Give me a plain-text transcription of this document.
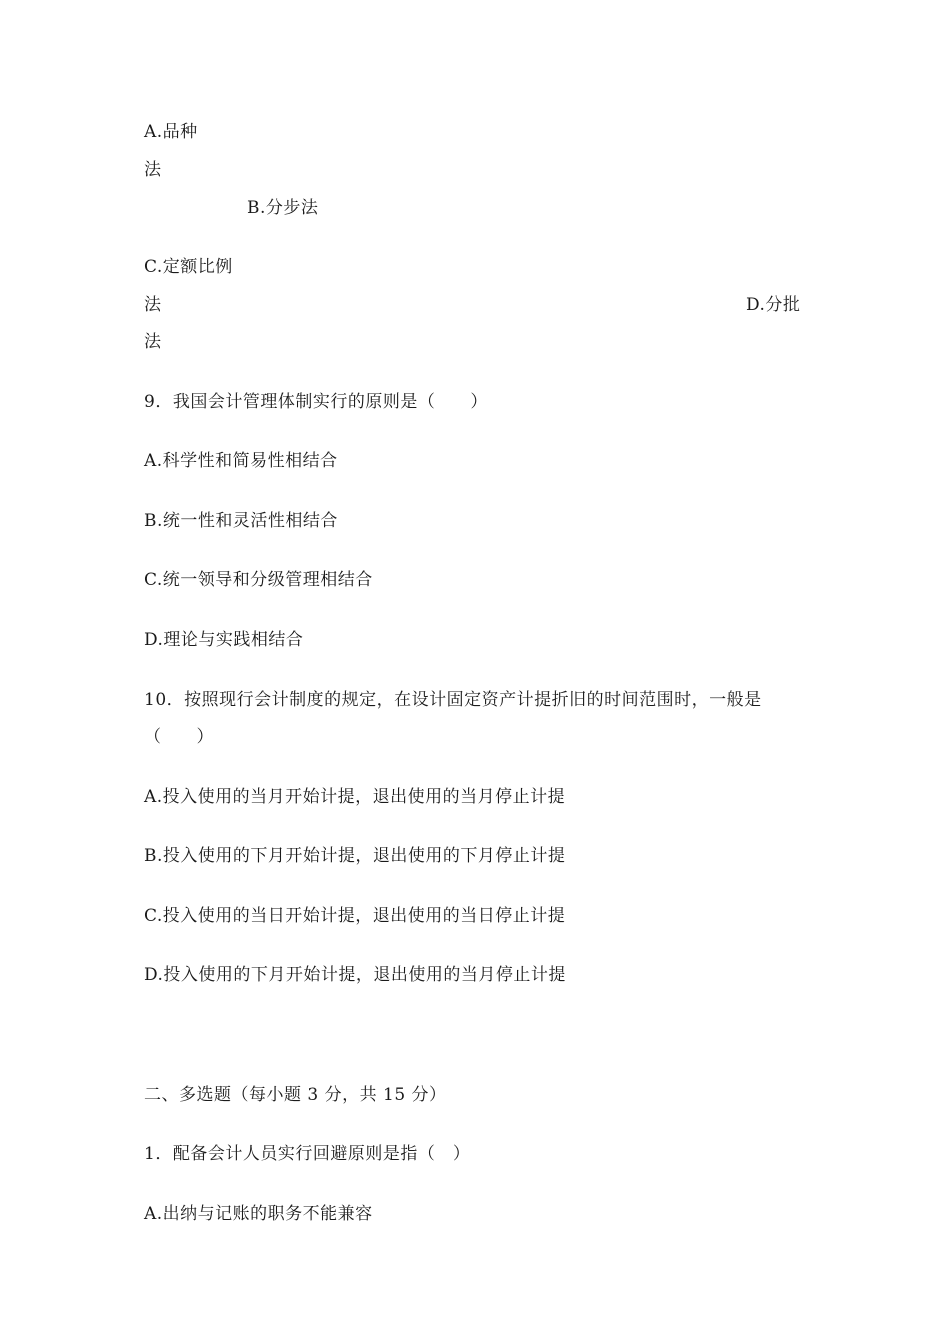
A.品种
法
B.分步法
C.定额比例
法	D.分批
法
9．我国会计管理体制实行的原则是（　　）
A.科学性和简易性相结合
B.统一性和灵活性相结合
C.统一领导和分级管理相结合
D.理论与实践相结合
10．按照现行会计制度的规定，在设计固定资产计提折旧的时间范围时，一般是
（　　）
A.投入使用的当月开始计提，退出使用的当月停止计提
B.投入使用的下月开始计提，退出使用的下月停止计提
C.投入使用的当日开始计提，退出使用的当日停止计提
D.投入使用的下月开始计提，退出使用的当月停止计提
二、多选题（每小题 3 分，共 15 分）
1．配备会计人员实行回避原则是指（　）
A.出纳与记账的职务不能兼容
